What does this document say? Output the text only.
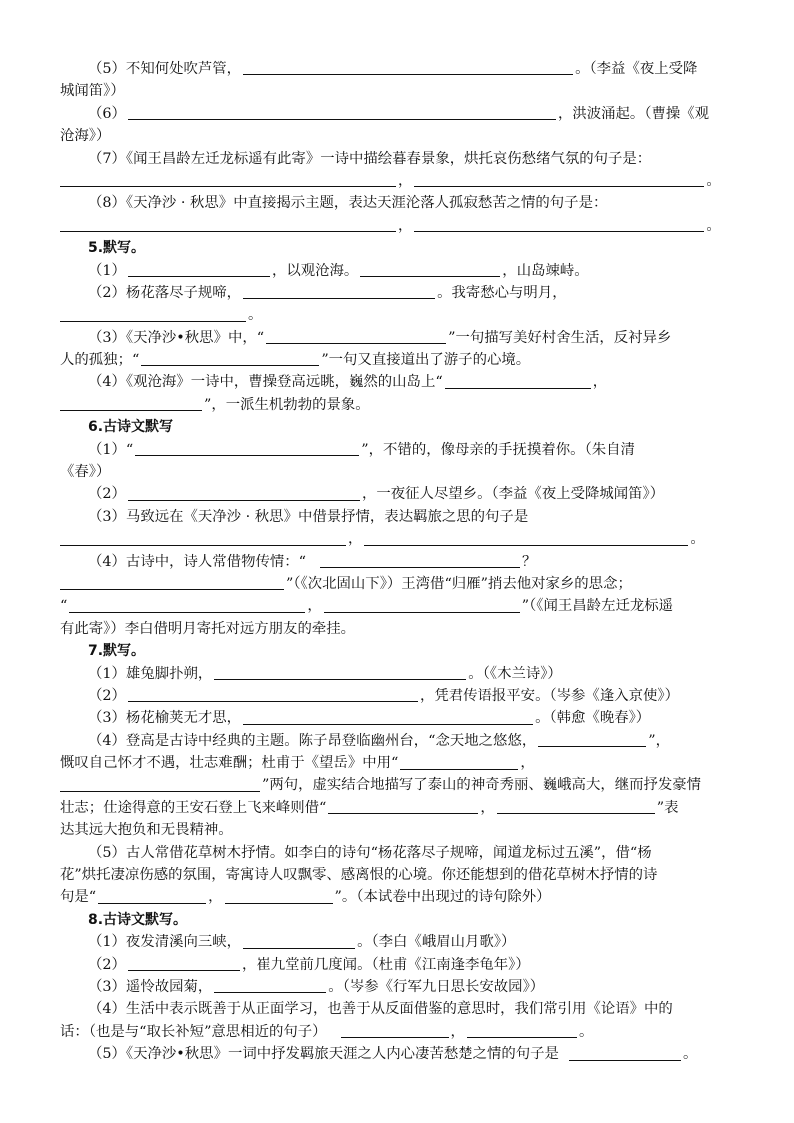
（5）不知何处吹芦管，	。（李益《夜上受降
城闻笛》）
（6）	，洪波涌起。（曹操《观
沧海》）
（7）《闻王昌龄左迁龙标遥有此寄》一诗中描绘暮春景象，烘托哀伤愁绪气氛的句子是：
，	。
（8）《天净沙 · 秋思》中直接揭示主题，表达天涯沦落人孤寂愁苦之情的句子是：
，	。
5.默写。
（1）	，以观沧海。	，山岛竦峙。
（2）杨花落尽子规啼，	。我寄愁心与明月，
。
（3）《天净沙•秋思》中，“	”一句描写美好村舍生活，反衬异乡
人的孤独；“	”一句又直接道出了游子的心境。
（4）《观沧海》一诗中，曹操登高远眺，巍然的山岛上“	，
”，一派生机勃勃的景象。
6.古诗文默写
（1）“	”，不错的，像母亲的手抚摸着你。（朱自清
《春》）
（2）	，一夜征人尽望乡。（李益《夜上受降城闻笛》）
（3）马致远在《天净沙 · 秋思》中借景抒情，表达羁旅之思的句子是
，	。
（4）古诗中，诗人常借物传情：“	？
”（《次北固山下》）王湾借“归雁”捎去他对家乡的思念；
“	，	”（《闻王昌龄左迁龙标遥
有此寄》）李白借明月寄托对远方朋友的牵挂。
7.默写。
（1）雄兔脚扑朔，	。（《木兰诗》）
（2）	，凭君传语报平安。（岑参《逢入京使》）
（3）杨花榆荚无才思，	。（韩愈《晚春》）
（4）登高是古诗中经典的主题。陈子昂登临幽州台，“念天地之悠悠，	”，
慨叹自己怀才不遇，壮志难酬；杜甫于《望岳》中用“	，
”两句，虚实结合地描写了泰山的神奇秀丽、巍峨高大，继而抒发豪情
壮志；仕途得意的王安石登上飞来峰则借“	，	”表
达其远大抱负和无畏精神。
（5）古人常借花草树木抒情。如李白的诗句“杨花落尽子规啼，闻道龙标过五溪”，借“杨
花”烘托凄凉伤感的氛围，寄寓诗人叹飘零、感离恨的心境。你还能想到的借花草树木抒情的诗
句是“	，	”。（本试卷中出现过的诗句除外）
8.古诗文默写。
（1）夜发清溪向三峡，	。（李白《峨眉山月歌》）
（2）	，崔九堂前几度闻。（杜甫《江南逢李龟年》）
（3）遥怜故园菊，	。（岑参《行军九日思长安故园》）
（4）生活中表示既善于从正面学习，也善于从反面借鉴的意思时，我们常引用《论语》中的
话：（也是与“取长补短”意思相近的句子）	，	。
（5）《天净沙•秋思》一词中抒发羁旅天涯之人内心凄苦愁楚之情的句子是	。
